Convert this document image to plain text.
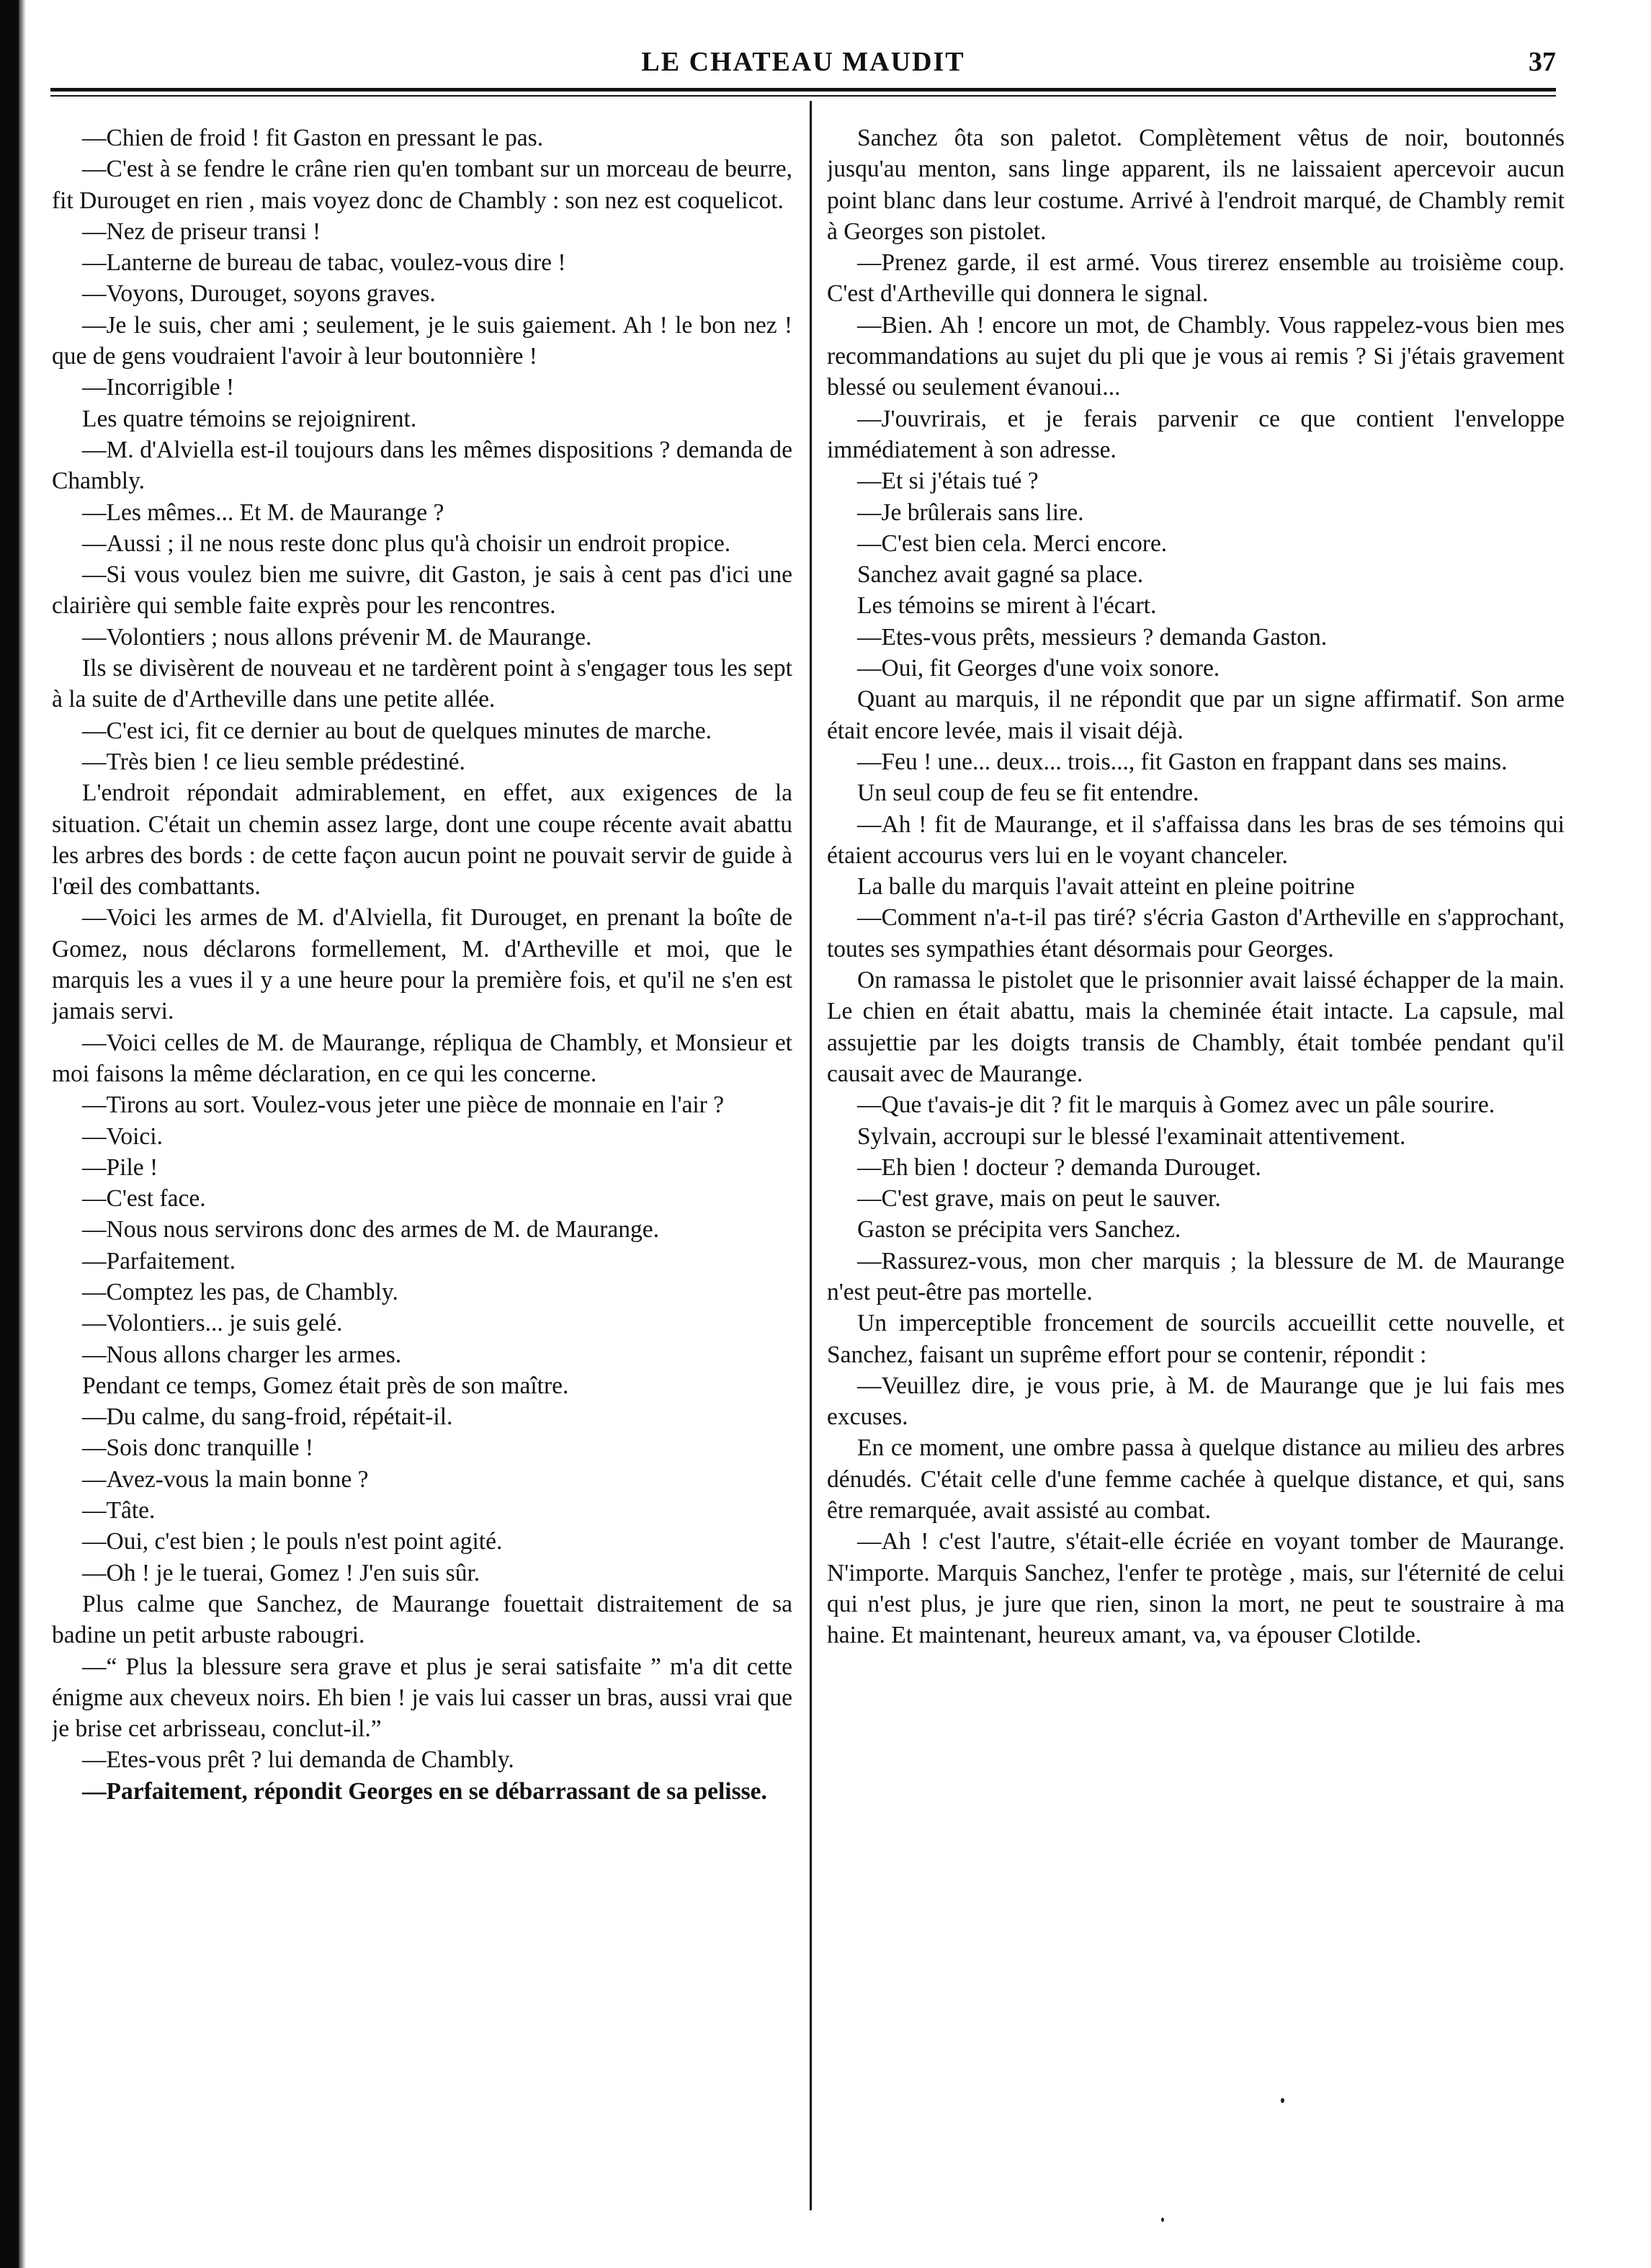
LE CHATEAU MAUDIT	37

—Chien de froid ! fit Gaston en pressant le pas.

—C'est à se fendre le crâne rien qu'en tombant sur un morceau de beurre, fit Durouget en rien , mais voyez donc de Chambly : son nez est coquelicot.

—Nez de priseur transi !

—Lanterne de bureau de tabac, voulez-vous dire !

—Voyons, Durouget, soyons graves.

—Je le suis, cher ami ; seulement, je le suis gaiement. Ah ! le bon nez ! que de gens voudraient l'avoir à leur boutonnière !

—Incorrigible !

Les quatre témoins se rejoignirent.

—M. d'Alviella est-il toujours dans les mêmes dispositions ? demanda de Chambly.

—Les mêmes... Et M. de Maurange ?

—Aussi ; il ne nous reste donc plus qu'à choisir un endroit propice.

—Si vous voulez bien me suivre, dit Gaston, je sais à cent pas d'ici une clairière qui semble faite exprès pour les rencontres.

—Volontiers ; nous allons prévenir M. de Maurange.

Ils se divisèrent de nouveau et ne tardèrent point à s'engager tous les sept à la suite de d'Artheville dans une petite allée.

—C'est ici, fit ce dernier au bout de quelques minutes de marche.

—Très bien ! ce lieu semble prédestiné.

L'endroit répondait admirablement, en effet, aux exigences de la situation. C'était un chemin assez large, dont une coupe récente avait abattu les arbres des bords : de cette façon aucun point ne pouvait servir de guide à l'œil des combattants.

—Voici les armes de M. d'Alviella, fit Durouget, en prenant la boîte de Gomez, nous déclarons formellement, M. d'Artheville et moi, que le marquis les a vues il y a une heure pour la première fois, et qu'il ne s'en est jamais servi.

—Voici celles de M. de Maurange, répliqua de Chambly, et Monsieur et moi faisons la même déclaration, en ce qui les concerne.

—Tirons au sort. Voulez-vous jeter une pièce de monnaie en l'air ?

—Voici.

—Pile !

—C'est face.

—Nous nous servirons donc des armes de M. de Maurange.

—Parfaitement.

—Comptez les pas, de Chambly.

—Volontiers... je suis gelé.

—Nous allons charger les armes.

Pendant ce temps, Gomez était près de son maître.

—Du calme, du sang-froid, répétait-il.

—Sois donc tranquille !

—Avez-vous la main bonne ?

—Tâte.

—Oui, c'est bien ; le pouls n'est point agité.

—Oh ! je le tuerai, Gomez ! J'en suis sûr.

Plus calme que Sanchez, de Maurange fouettait distraitement de sa badine un petit arbuste rabougri.

—“ Plus la blessure sera grave et plus je serai satisfaite ” m'a dit cette énigme aux cheveux noirs. Eh bien ! je vais lui casser un bras, aussi vrai que je brise cet arbrisseau, conclut-il.”

—Etes-vous prêt ? lui demanda de Chambly.

—Parfaitement, répondit Georges en se débarrassant de sa pelisse.

Sanchez ôta son paletot. Complètement vêtus de noir, boutonnés jusqu'au menton, sans linge apparent, ils ne laissaient apercevoir aucun point blanc dans leur costume. Arrivé à l'endroit marqué, de Chambly remit à Georges son pistolet.

—Prenez garde, il est armé. Vous tirerez ensemble au troisième coup. C'est d'Artheville qui donnera le signal.

—Bien. Ah ! encore un mot, de Chambly. Vous rappelez-vous bien mes recommandations au sujet du pli que je vous ai remis ? Si j'étais gravement blessé ou seulement évanoui...

—J'ouvrirais, et je ferais parvenir ce que contient l'enveloppe immédiatement à son adresse.

—Et si j'étais tué ?

—Je brûlerais sans lire.

—C'est bien cela. Merci encore.

Sanchez avait gagné sa place.

Les témoins se mirent à l'écart.

—Etes-vous prêts, messieurs ? demanda Gaston.

—Oui, fit Georges d'une voix sonore.

Quant au marquis, il ne répondit que par un signe affirmatif. Son arme était encore levée, mais il visait déjà.

—Feu ! une... deux... trois..., fit Gaston en frappant dans ses mains.

Un seul coup de feu se fit entendre.

—Ah ! fit de Maurange, et il s'affaissa dans les bras de ses témoins qui étaient accourus vers lui en le voyant chanceler.

La balle du marquis l'avait atteint en pleine poitrine

—Comment n'a-t-il pas tiré? s'écria Gaston d'Artheville en s'approchant, toutes ses sympathies étant désormais pour Georges.

On ramassa le pistolet que le prisonnier avait laissé échapper de la main. Le chien en était abattu, mais la cheminée était intacte. La capsule, mal assujettie par les doigts transis de Chambly, était tombée pendant qu'il causait avec de Maurange.

—Que t'avais-je dit ? fit le marquis à Gomez avec un pâle sourire.

Sylvain, accroupi sur le blessé l'examinait attentivement.

—Eh bien ! docteur ? demanda Durouget.

—C'est grave, mais on peut le sauver.

Gaston se précipita vers Sanchez.

—Rassurez-vous, mon cher marquis ; la blessure de M. de Maurange n'est peut-être pas mortelle.

Un imperceptible froncement de sourcils accueillit cette nouvelle, et Sanchez, faisant un suprême effort pour se contenir, répondit :

—Veuillez dire, je vous prie, à M. de Maurange que je lui fais mes excuses.

En ce moment, une ombre passa à quelque distance au milieu des arbres dénudés. C'était celle d'une femme cachée à quelque distance, et qui, sans être remarquée, avait assisté au combat.

—Ah ! c'est l'autre, s'était-elle écriée en voyant tomber de Maurange. N'importe. Marquis Sanchez, l'enfer te protège , mais, sur l'éternité de celui qui n'est plus, je jure que rien, sinon la mort, ne peut te soustraire à ma haine. Et maintenant, heureux amant, va, va épouser Clotilde.
